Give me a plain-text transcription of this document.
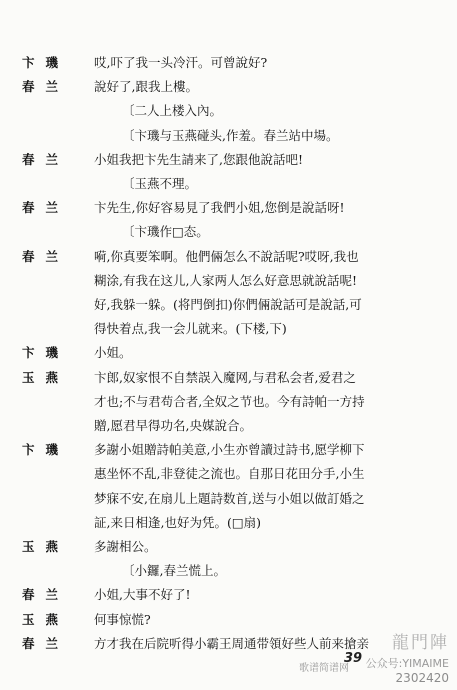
卞璣 哎,吓了我一头冷汗。可曾說好?
春兰 說好了,跟我上樓。
〔二人上楼入內。
〔卞璣与玉燕碰头,作羞。春兰站中場。
春兰 小姐我把卞先生請来了,您跟他說話吧!
〔玉燕不理。
春兰 卞先生,你好容易見了我們小姐,您倒是說話呀!
〔卞璣作□态。
春兰 嗬,你真要笨啊。他們倆怎么不說話呢?哎呀,我也
糊涂,有我在这儿,人家两人怎么好意思就說話呢!
好,我躲一躲。(将門倒扣)你們倆說話可是說話,可
得快着点,我一会儿就来。(下楼,下)
卞璣 小姐。
玉燕 卞郎,奴家恨不自禁誤入魔网,与君私会者,爱君之
才也;不与君苟合者,全奴之节也。今有詩帕一方持
贈,愿君早得功名,央媒說合。
卞璣 多謝小姐贈詩帕美意,小生亦曾讀过詩书,愿学柳下
惠坐怀不乱,非登徒之流也。自那日花田分手,小生
梦寐不安,在扇儿上題詩数首,送与小姐以做訂婚之
証,来日相逢,也好为凭。(□扇)
玉燕 多謝相公。
〔小鑼,春兰慌上。
春兰 小姐,大事不好了!
玉燕 何事惊慌?
春兰 方才我在后院听得小霸王周通带領好些人前来搶亲
39
龍門陣
公众号:YIMAIME
歌谱简谱网
2302420
